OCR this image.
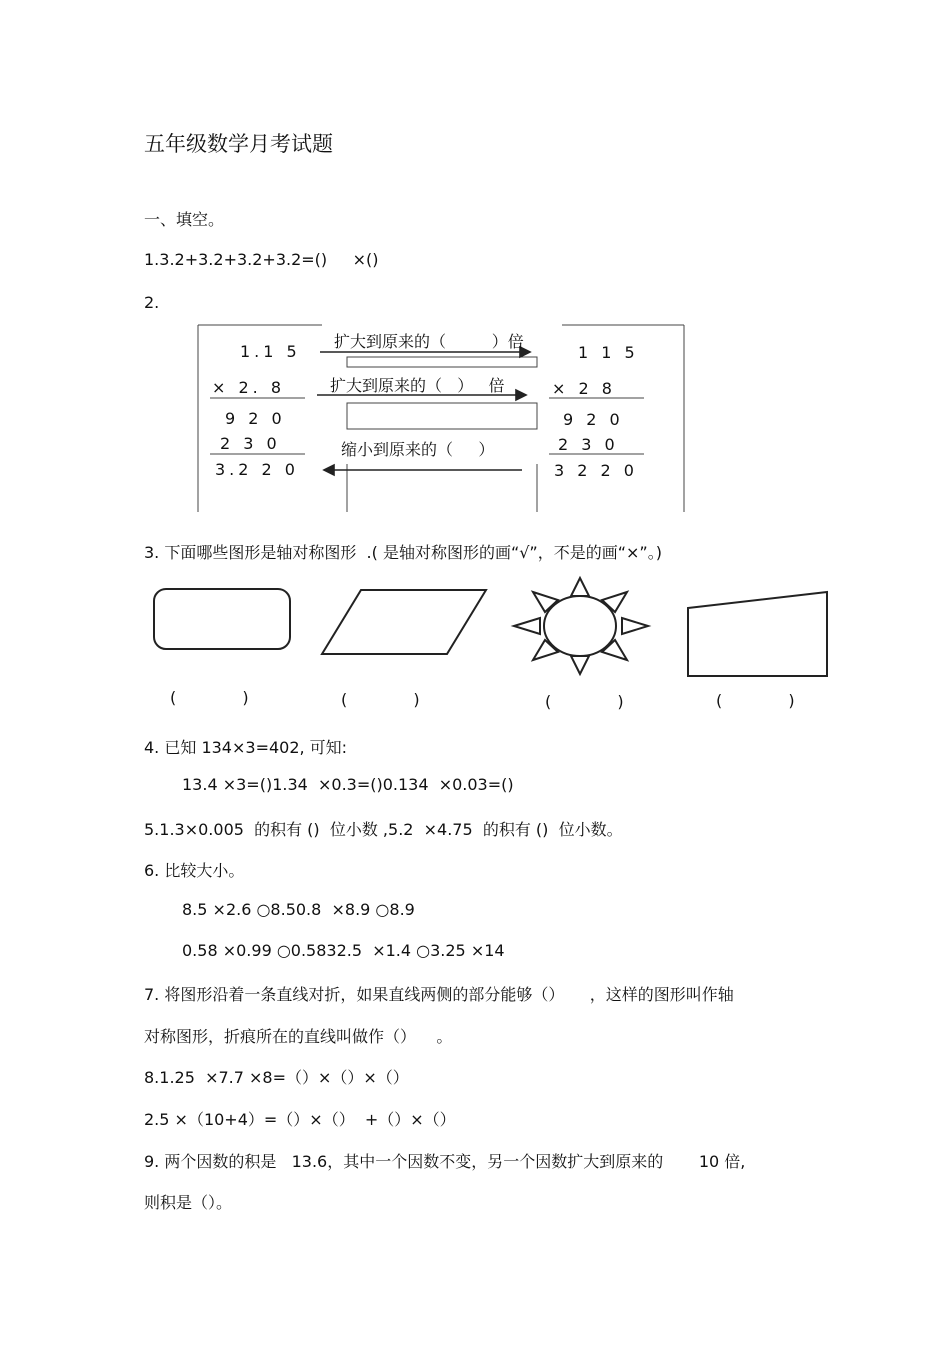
五年级数学月考试题
一、填空。
1.3.2+3.2+3.2+3.2=()     ×()
2.
1.1 5
× 2. 8
9 2 0
2 3 0
3.2 2 0
1 1 5
× 2 8
9 2 0
2 3 0
3 2 2 0
扩大到原来的（         ）倍
扩大到原来的（   ）   倍
缩小到原来的（     ）
3. 下面哪些图形是轴对称图形  .( 是轴对称图形的画“√”，不是的画“×”。)
(             )	(             )	(             )	(             )
4. 已知 134×3=402, 可知:
13.4 ×3=()1.34  ×0.3=()0.134  ×0.03=()
5.1.3×0.005  的积有 ()  位小数 ,5.2  ×4.75  的积有 ()  位小数。
6. 比较大小。
8.5 ×2.6 ○8.50.8  ×8.9 ○8.9
0.58 ×0.99 ○0.5832.5  ×1.4 ○3.25 ×14
7. 将图形沿着一条直线对折，如果直线两侧的部分能够（）     ，这样的图形叫作轴
对称图形，折痕所在的直线叫做作（）    。
8.1.25  ×7.7 ×8=（）×（）×（）
2.5 ×（10+4）=（）×（）  +（）×（）
9. 两个因数的积是   13.6，其中一个因数不变，另一个因数扩大到原来的       10 倍,
则积是（）。
